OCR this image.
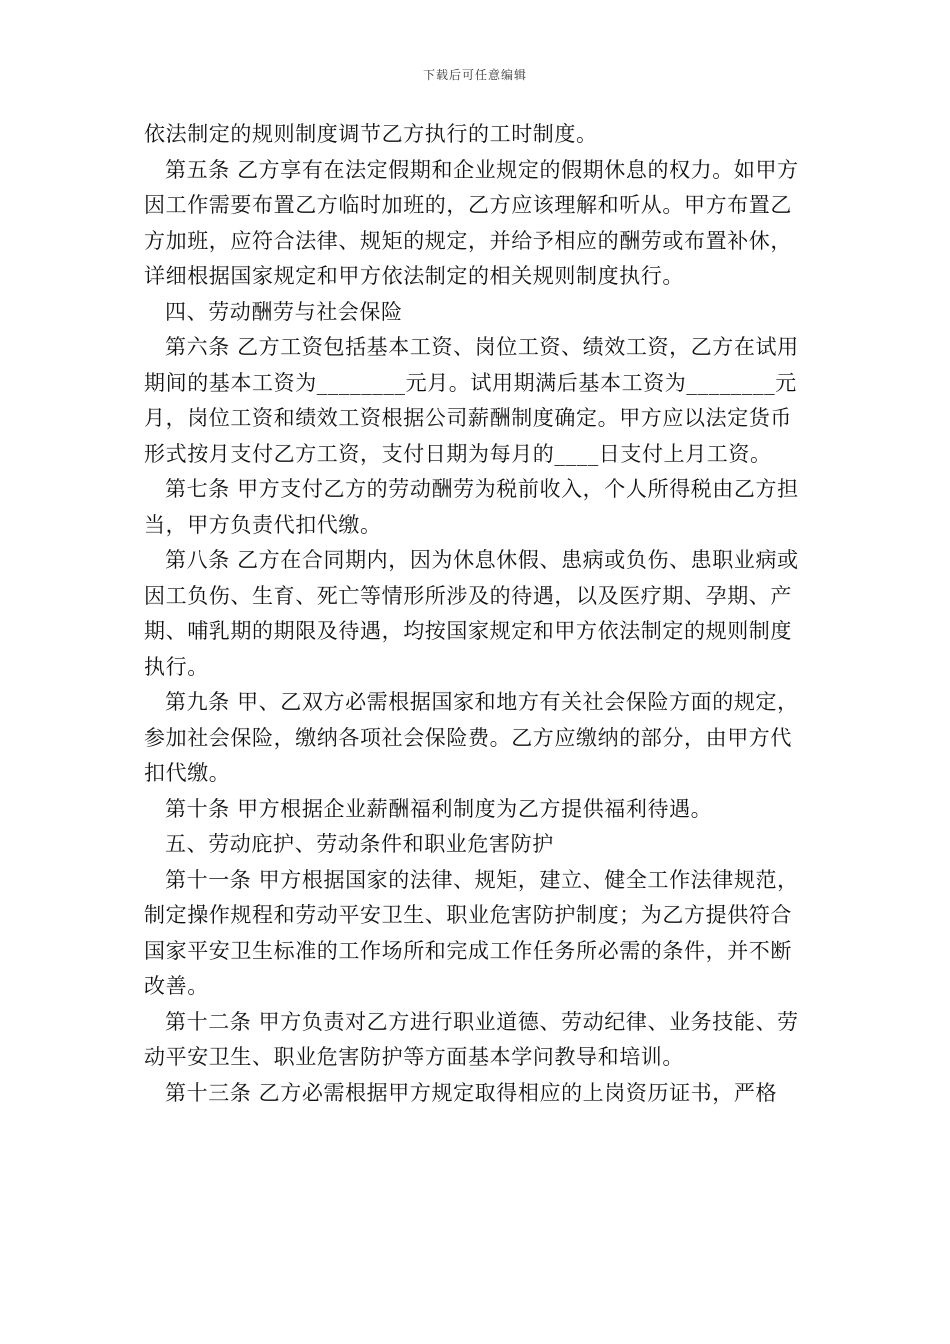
下载后可任意编辑

依法制定的规则制度调节乙方执行的工时制度。

第五条 乙方享有在法定假期和企业规定的假期休息的权力。如甲方因工作需要布置乙方临时加班的，乙方应该理解和听从。甲方布置乙方加班，应符合法律、规矩的规定，并给予相应的酬劳或布置补休，详细根据国家规定和甲方依法制定的相关规则制度执行。

四、劳动酬劳与社会保险

第六条 乙方工资包括基本工资、岗位工资、绩效工资，乙方在试用期间的基本工资为________元月。试用期满后基本工资为________元月，岗位工资和绩效工资根据公司薪酬制度确定。甲方应以法定货币形式按月支付乙方工资，支付日期为每月的____日支付上月工资。

第七条 甲方支付乙方的劳动酬劳为税前收入，个人所得税由乙方担当，甲方负责代扣代缴。

第八条 乙方在合同期内，因为休息休假、患病或负伤、患职业病或因工负伤、生育、死亡等情形所涉及的待遇，以及医疗期、孕期、产期、哺乳期的期限及待遇，均按国家规定和甲方依法制定的规则制度执行。

第九条 甲、乙双方必需根据国家和地方有关社会保险方面的规定，参加社会保险，缴纳各项社会保险费。乙方应缴纳的部分，由甲方代扣代缴。

第十条 甲方根据企业薪酬福利制度为乙方提供福利待遇。

五、劳动庇护、劳动条件和职业危害防护

第十一条 甲方根据国家的法律、规矩，建立、健全工作法律规范，制定操作规程和劳动平安卫生、职业危害防护制度；为乙方提供符合国家平安卫生标准的工作场所和完成工作任务所必需的条件，并不断改善。

第十二条 甲方负责对乙方进行职业道德、劳动纪律、业务技能、劳动平安卫生、职业危害防护等方面基本学问教导和培训。

第十三条 乙方必需根据甲方规定取得相应的上岗资历证书，严格
